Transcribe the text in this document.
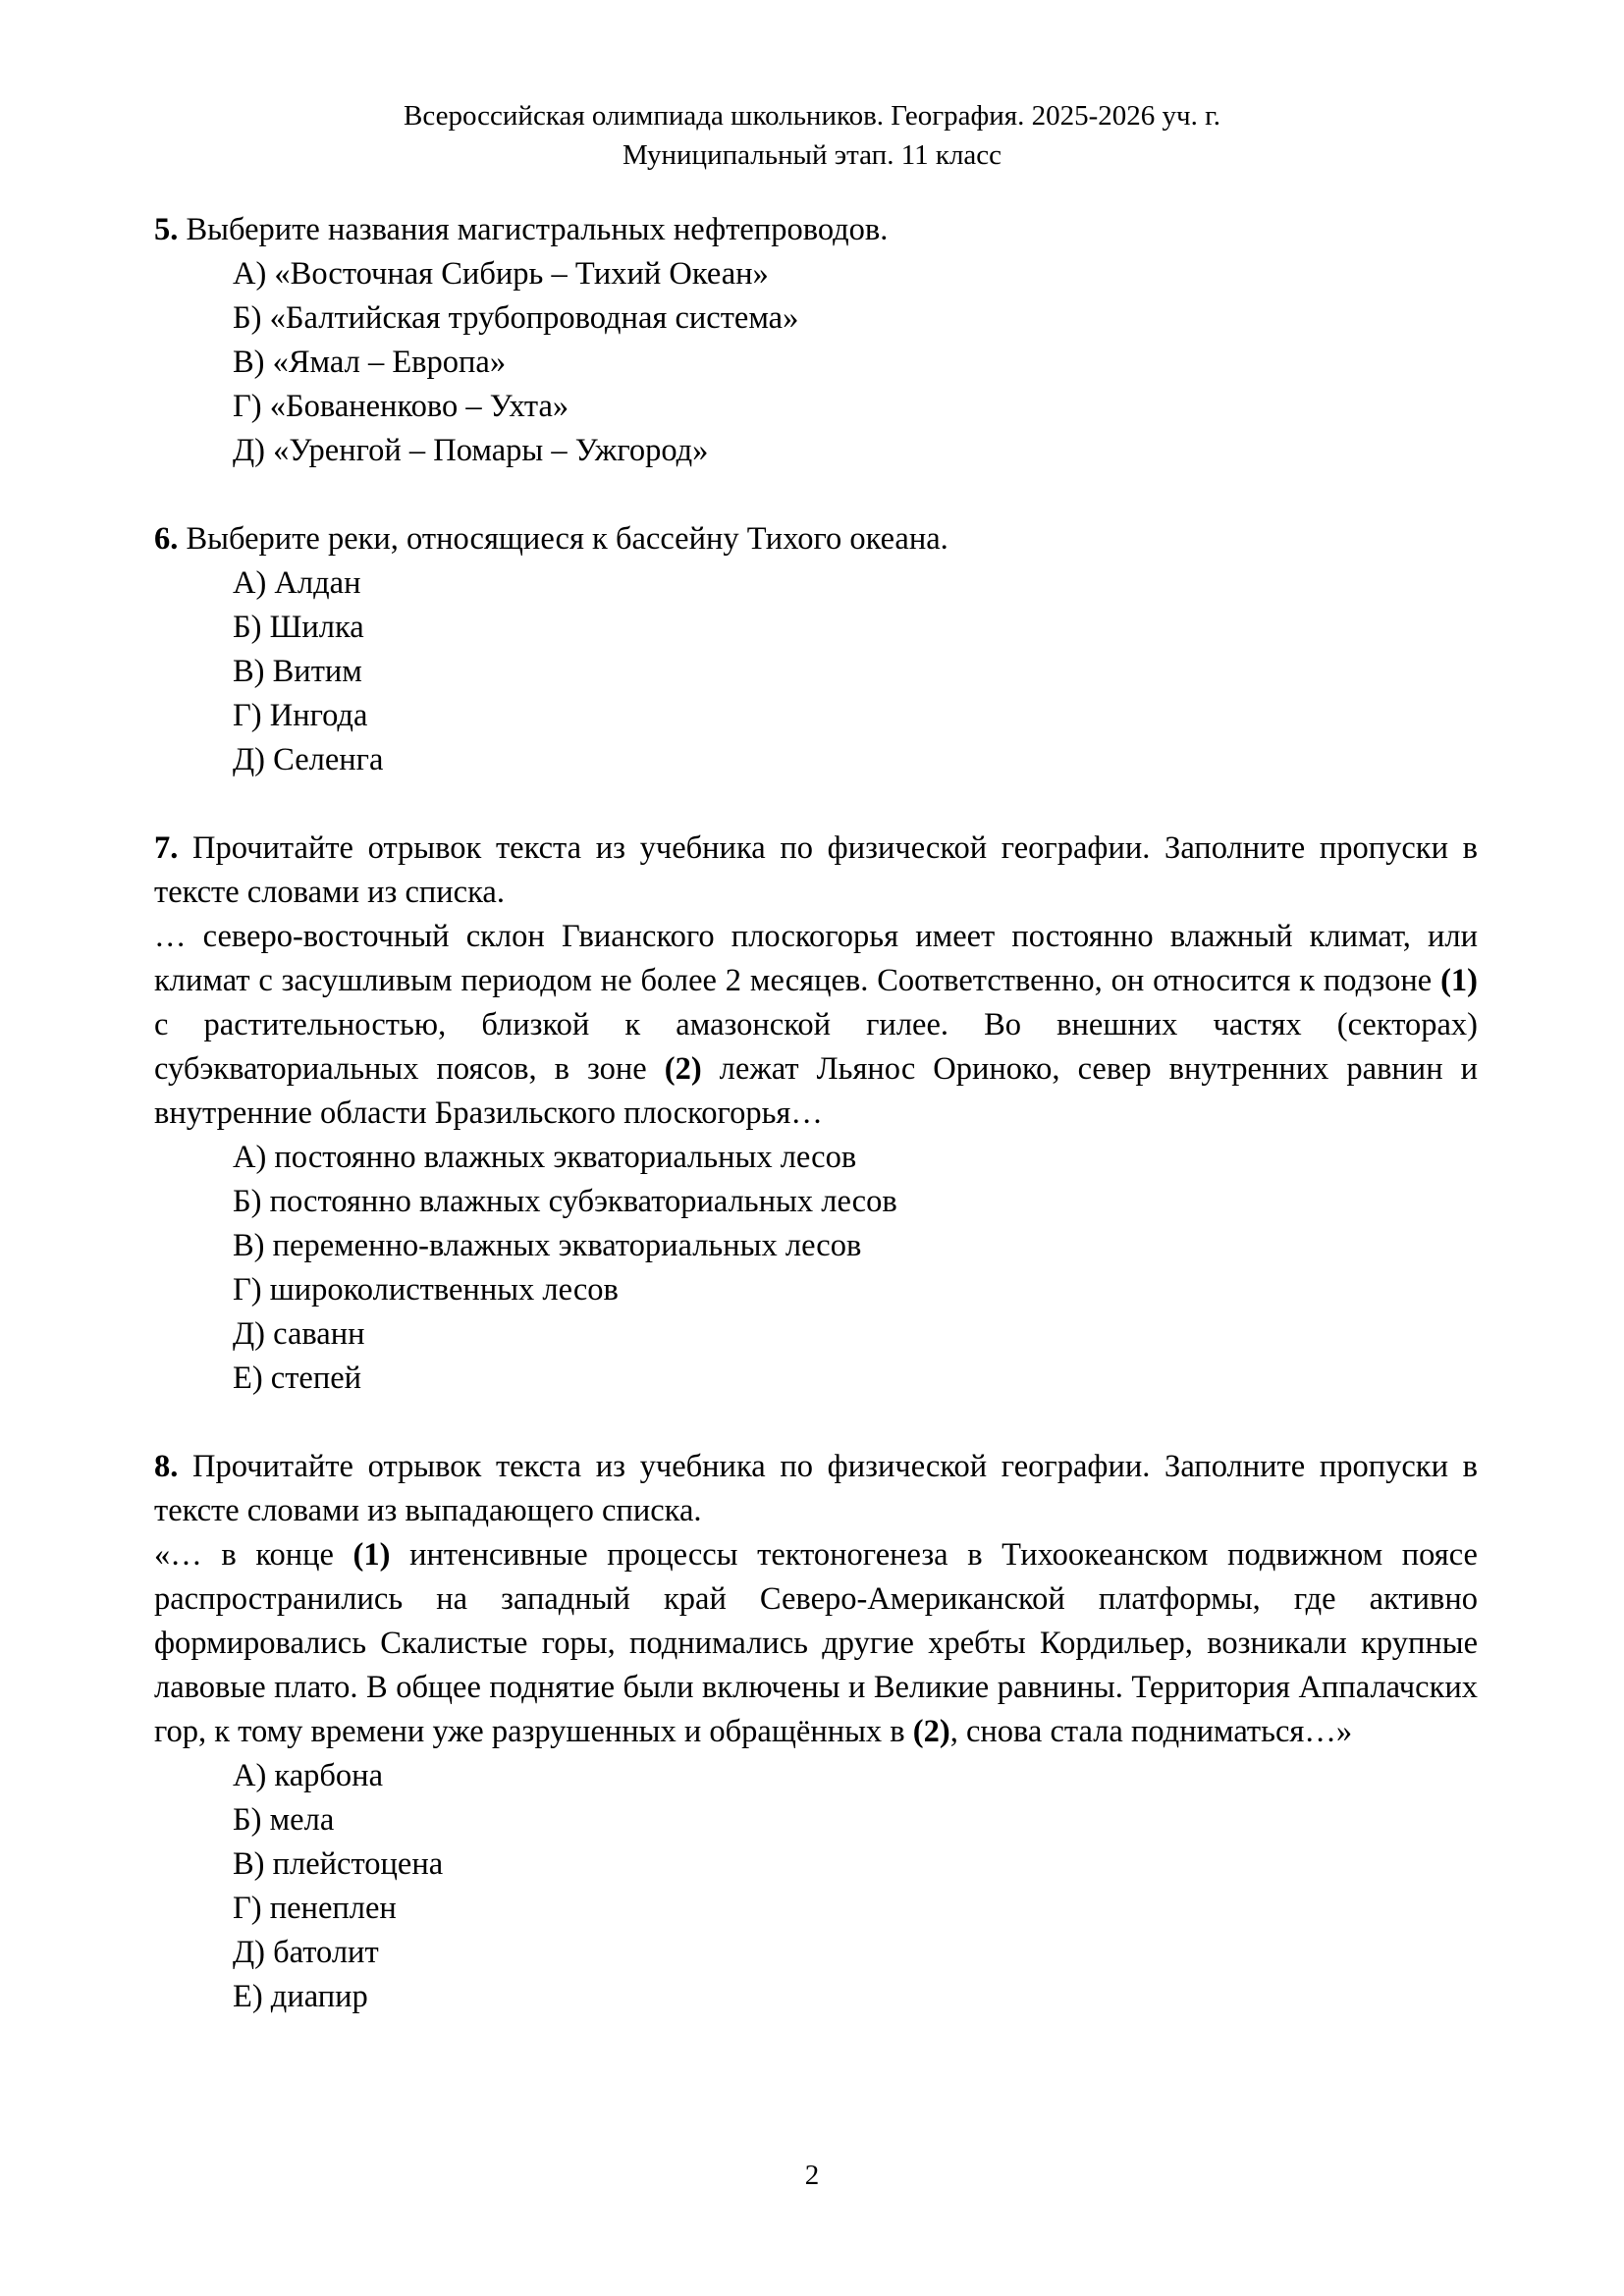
Всероссийская олимпиада школьников. География. 2025-2026 уч. г.
Муниципальный этап. 11 класс

5. Выберите названия магистральных нефтепроводов.

А) «Восточная Сибирь – Тихий Океан»
Б) «Балтийская трубопроводная система»
В) «Ямал – Европа»
Г) «Бованенково – Ухта»
Д) «Уренгой – Помары – Ужгород»

6. Выберите реки, относящиеся к бассейну Тихого океана.

А) Алдан
Б) Шилка
В) Витим
Г) Ингода
Д) Селенга

7. Прочитайте отрывок текста из учебника по физической географии. Заполните пропуски в тексте словами из списка.

… северо-восточный склон Гвианского плоскогорья имеет постоянно влажный климат, или климат с засушливым периодом не более 2 месяцев. Соответственно, он относится к подзоне (1) с растительностью, близкой к амазонской гилее. Во внешних частях (секторах) субэкваториальных поясов, в зоне (2) лежат Льянос Ориноко, север внутренних равнин и внутренние области Бразильского плоскогорья…

А) постоянно влажных экваториальных лесов
Б) постоянно влажных субэкваториальных лесов
В) переменно-влажных экваториальных лесов
Г) широколиственных лесов
Д) саванн
Е) степей

8. Прочитайте отрывок текста из учебника по физической географии. Заполните пропуски в тексте словами из выпадающего списка.

«… в конце (1) интенсивные процессы тектоногенеза в Тихоокеанском подвижном поясе распространились на западный край Северо-Американской платформы, где активно формировались Скалистые горы, поднимались другие хребты Кордильер, возникали крупные лавовые плато. В общее поднятие были включены и Великие равнины. Территория Аппалачских гор, к тому времени уже разрушенных и обращённых в (2), снова стала подниматься…»

А) карбона
Б) мела
В) плейстоцена
Г) пенеплен
Д) батолит
Е) диапир
2
